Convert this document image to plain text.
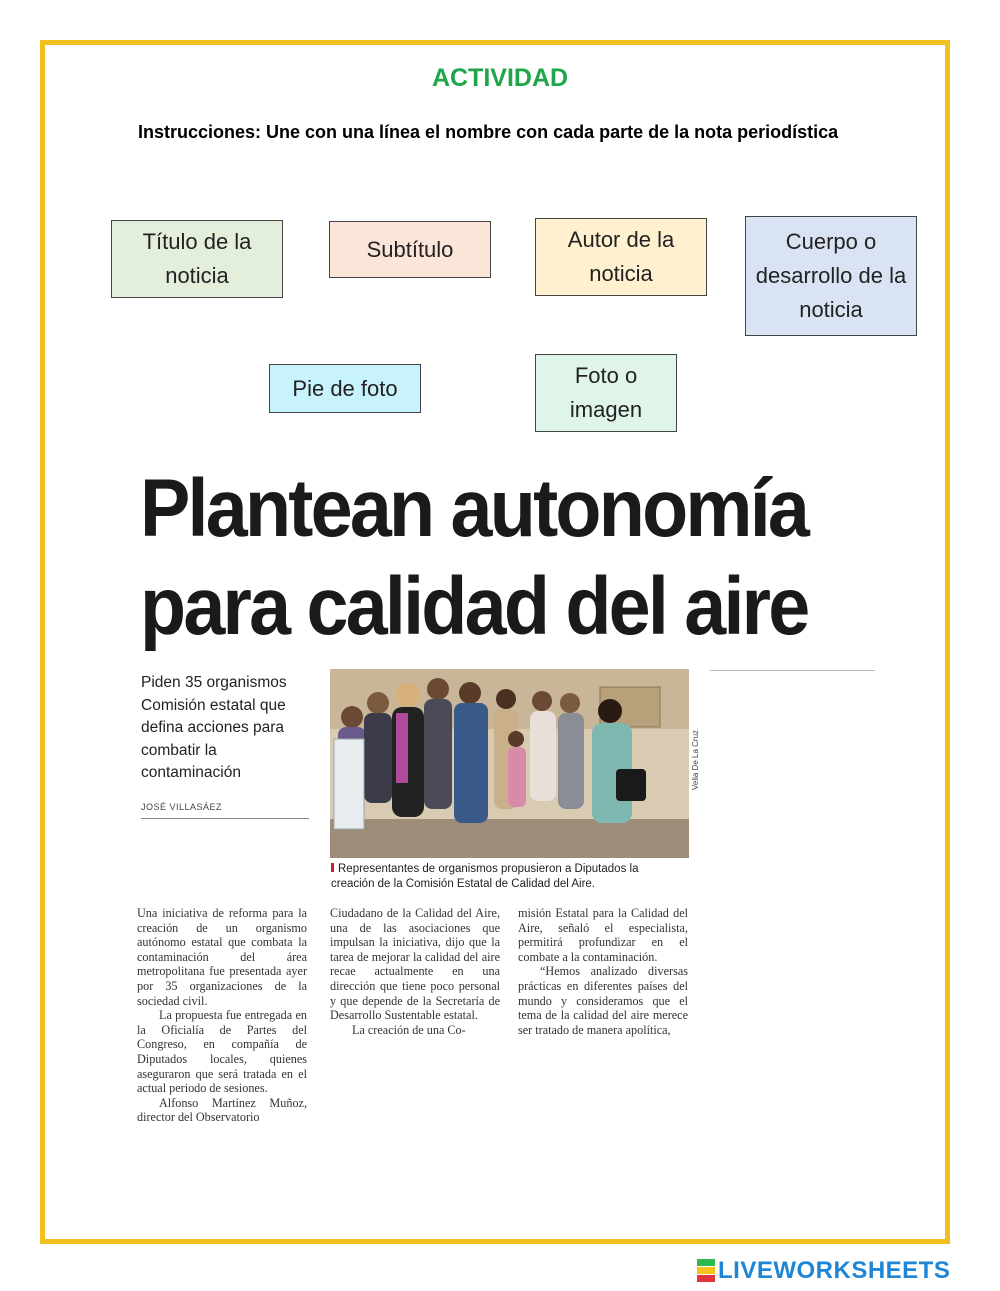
ACTIVIDAD
Instrucciones: Une con una línea el nombre con cada parte de la nota periodística
Título de la noticia
Subtítulo	Autor de la noticia
Cuerpo o desarrollo de la noticia
Pie de foto	Foto o imagen
Plantean autonomía para calidad del aire
Piden 35 organismos Comisión estatal que defina acciones para combatir la contaminación
JOSÉ VILLASÁEZ
Velia De La Cruz
Representantes de organismos propusieron a Diputados la creación de la Comisión Estatal de Calidad del Aire.

Una iniciativa de reforma para la creación de un organismo autónomo estatal que combata la contaminación del área metropolitana fue presentada ayer por 35 organizaciones de la sociedad civil.

La propuesta fue entregada en la Oficialía de Partes del Congreso, en compañía de Diputados locales, quienes aseguraron que será tratada en el actual periodo de sesiones.

Alfonso Martínez Muñoz, director del Observatorio

Ciudadano de la Calidad del Aire, una de las asociaciones que impulsan la iniciativa, dijo que la tarea de mejorar la calidad del aire recae actualmente en una dirección que tiene poco personal y que depende de la Secretaría de Desarrollo Sustentable estatal.

La creación de una Co-

misión Estatal para la Calidad del Aire, señaló el especialista, permitirá profundizar en el combate a la contaminación.

“Hemos analizado diversas prácticas en diferentes países del mundo y consideramos que el tema de la calidad del aire merece ser tratado de manera apolítica,

LIVEWORKSHEETS
